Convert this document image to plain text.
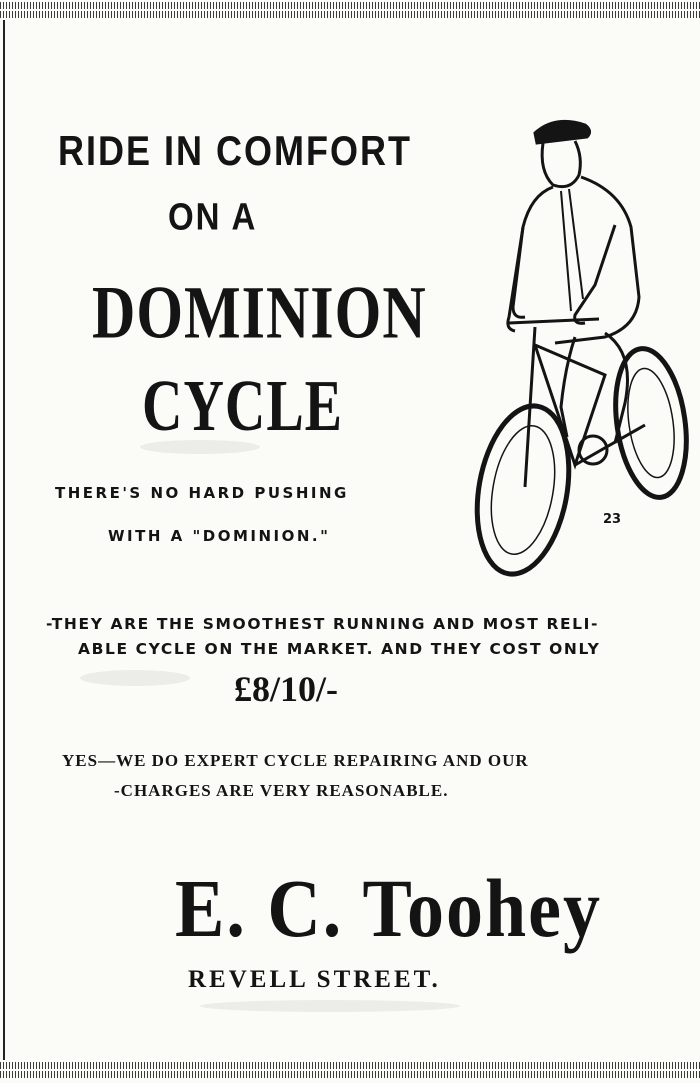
RIDE IN COMFORT
ON A
DOMINION
CYCLE
THERE'S NO HARD PUSHING
WITH A "DOMINION."
23
-THEY ARE THE SMOOTHEST RUNNING AND MOST RELI-
ABLE CYCLE ON THE MARKET. AND THEY COST ONLY
£8/10/-
YES—WE DO EXPERT CYCLE REPAIRING AND OUR
-CHARGES ARE VERY REASONABLE.
E. C. Toohey
REVELL STREET.
